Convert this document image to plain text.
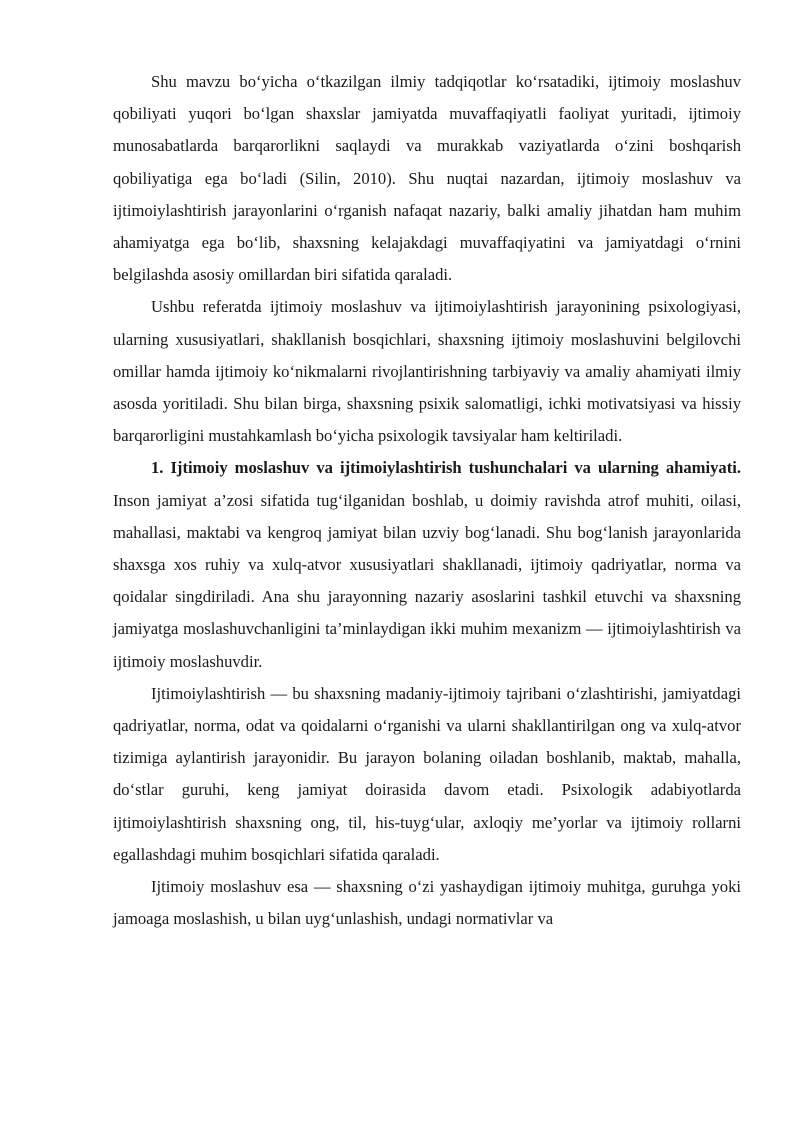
Shu mavzu bo‘yicha o‘tkazilgan ilmiy tadqiqotlar ko‘rsatadiki, ijtimoiy moslashuv qobiliyati yuqori bo‘lgan shaxslar jamiyatda muvaffaqiyatli faoliyat yuritadi, ijtimoiy munosabatlarda barqarorlikni saqlaydi va murakkab vaziyatlarda o‘zini boshqarish qobiliyatiga ega bo‘ladi (Silin, 2010). Shu nuqtai nazardan, ijtimoiy moslashuv va ijtimoiylashtirish jarayonlarini o‘rganish nafaqat nazariy, balki amaliy jihatdan ham muhim ahamiyatga ega bo‘lib, shaxsning kelajakdagi muvaffaqiyatini va jamiyatdagi o‘rnini belgilashda asosiy omillardan biri sifatida qaraladi.

Ushbu referatda ijtimoiy moslashuv va ijtimoiylashtirish jarayonining psixologiyasi, ularning xususiyatlari, shakllanish bosqichlari, shaxsning ijtimoiy moslashuvini belgilovchi omillar hamda ijtimoiy ko‘nikmalarni rivojlantirishning tarbiyaviy va amaliy ahamiyati ilmiy asosda yoritiladi. Shu bilan birga, shaxsning psixik salomatligi, ichki motivatsiyasi va hissiy barqarorligini mustahkamlash bo‘yicha psixologik tavsiyalar ham keltiriladi.

1. Ijtimoiy moslashuv va ijtimoiylashtirish tushunchalari va ularning ahamiyati. Inson jamiyat a’zosi sifatida tug‘ilganidan boshlab, u doimiy ravishda atrof muhiti, oilasi, mahallasi, maktabi va kengroq jamiyat bilan uzviy bog‘lanadi. Shu bog‘lanish jarayonlarida shaxsga xos ruhiy va xulq-atvor xususiyatlari shakllanadi, ijtimoiy qadriyatlar, norma va qoidalar singdiriladi. Ana shu jarayonning nazariy asoslarini tashkil etuvchi va shaxsning jamiyatga moslashuvchanligini ta’minlaydigan ikki muhim mexanizm — ijtimoiylashtirish va ijtimoiy moslashuvdir.

Ijtimoiylashtirish — bu shaxsning madaniy-ijtimoiy tajribani o‘zlashtirishi, jamiyatdagi qadriyatlar, norma, odat va qoidalarni o‘rganishi va ularni shakllantirilgan ong va xulq-atvor tizimiga aylantirish jarayonidir. Bu jarayon bolaning oiladan boshlanib, maktab, mahalla, do‘stlar guruhi, keng jamiyat doirasida davom etadi. Psixologik adabiyotlarda ijtimoiylashtirish shaxsning ong, til, his-tuyg‘ular, axloqiy me’yorlar va ijtimoiy rollarni egallashdagi muhim bosqichlari sifatida qaraladi.

Ijtimoiy moslashuv esa — shaxsning o‘zi yashaydigan ijtimoiy muhitga, guruhga yoki jamoaga moslashish, u bilan uyg‘unlashish, undagi normativlar va
